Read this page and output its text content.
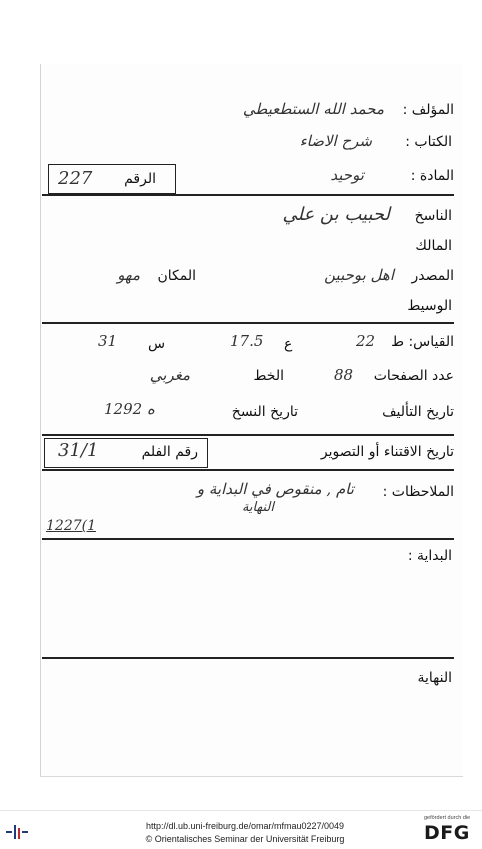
المؤلف :
محمد الله الستطعيطي
الكتاب :
شرح الاضاء
المادة :
توحيد
الرقم
227
الناسخ
لحبيب بن علي
المالك
المصدر
اهل بوحبين
المكان
مهو
الوسيط
القياس: ط
22
ع
17.5
س
31
عدد الصفحات
88
الخط
مغربي
تاريخ التأليف
تاريخ النسخ
1292 ه
تاريخ الاقتناء أو التصوير
رقم الفلم
31/1
الملاحظات :
تام , منقوص في البداية و
النهاية
1227(1
البداية :
النهاية
http://dl.ub.uni-freiburg.de/omar/mfmau0227/0049
© Orientalisches Seminar der Universität Freiburg
gefördert durch die
DFG
